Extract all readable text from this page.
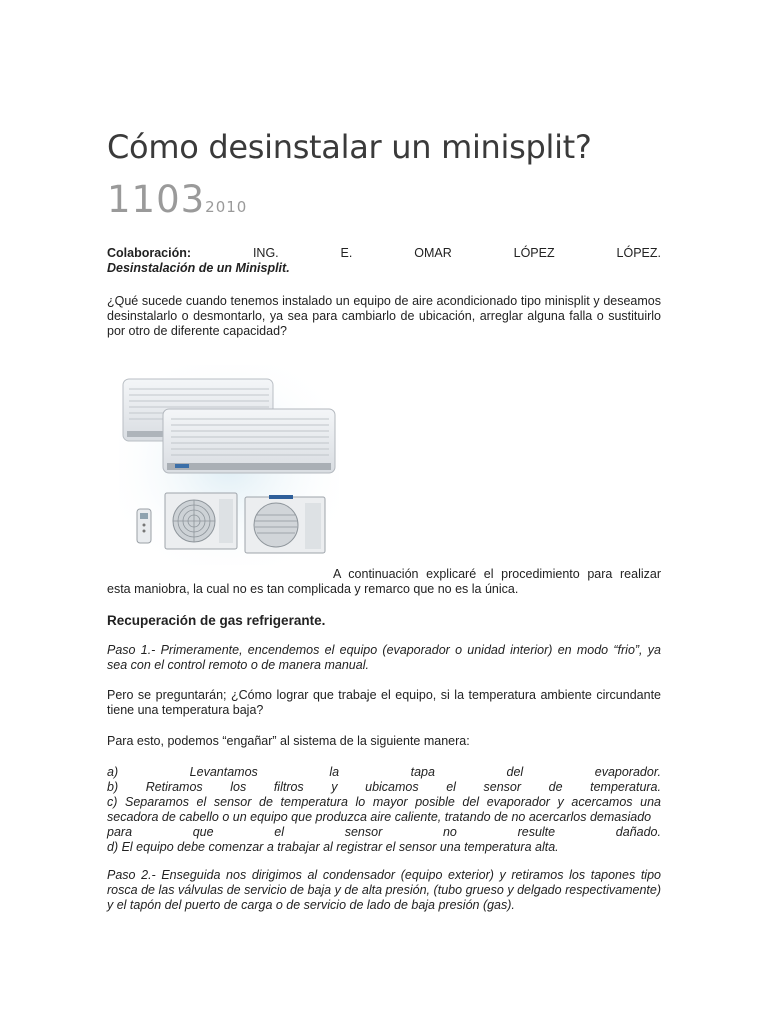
Cómo desinstalar un minisplit?
11032010

Colaboración:	ING.	E.	OMAR	LÓPEZ	LÓPEZ.

Desinstalación de un Minisplit.

¿Qué sucede cuando tenemos instalado un equipo de aire acondicionado tipo minisplit y deseamos desinstalarlo o desmontarlo, ya sea para cambiarlo de ubicación, arreglar alguna falla o sustituirlo por otro de diferente capacidad?

A continuación explicaré el procedimiento para realizar

esta maniobra, la cual no es tan complicada y remarco que no es la única.

Recuperación de gas refrigerante.

Paso 1.- Primeramente, encendemos el equipo (evaporador o unidad interior) en modo “frio”, ya sea con el control remoto o de manera manual.

Pero se preguntarán; ¿Cómo lograr que trabaje el equipo, si la temperatura ambiente circundante tiene una temperatura baja?

Para esto, podemos “engañar” al sistema de la siguiente manera:

a) Levantamos la tapa del evaporador.

b) Retiramos los filtros y ubicamos el sensor de temperatura.

c) Separamos el sensor de temperatura lo mayor posible del evaporador y acercamos una secadora de cabello o un equipo que produzca aire caliente, tratando de no acercarlos demasiado

para que el sensor no resulte dañado.

d) El equipo debe comenzar a trabajar al registrar el sensor una temperatura alta.

Paso 2.- Enseguida nos dirigimos al condensador (equipo exterior) y retiramos los tapones tipo rosca de las válvulas de servicio de baja y de alta presión, (tubo grueso y delgado respectivamente) y el tapón del puerto de carga o de servicio de lado de baja presión (gas).
